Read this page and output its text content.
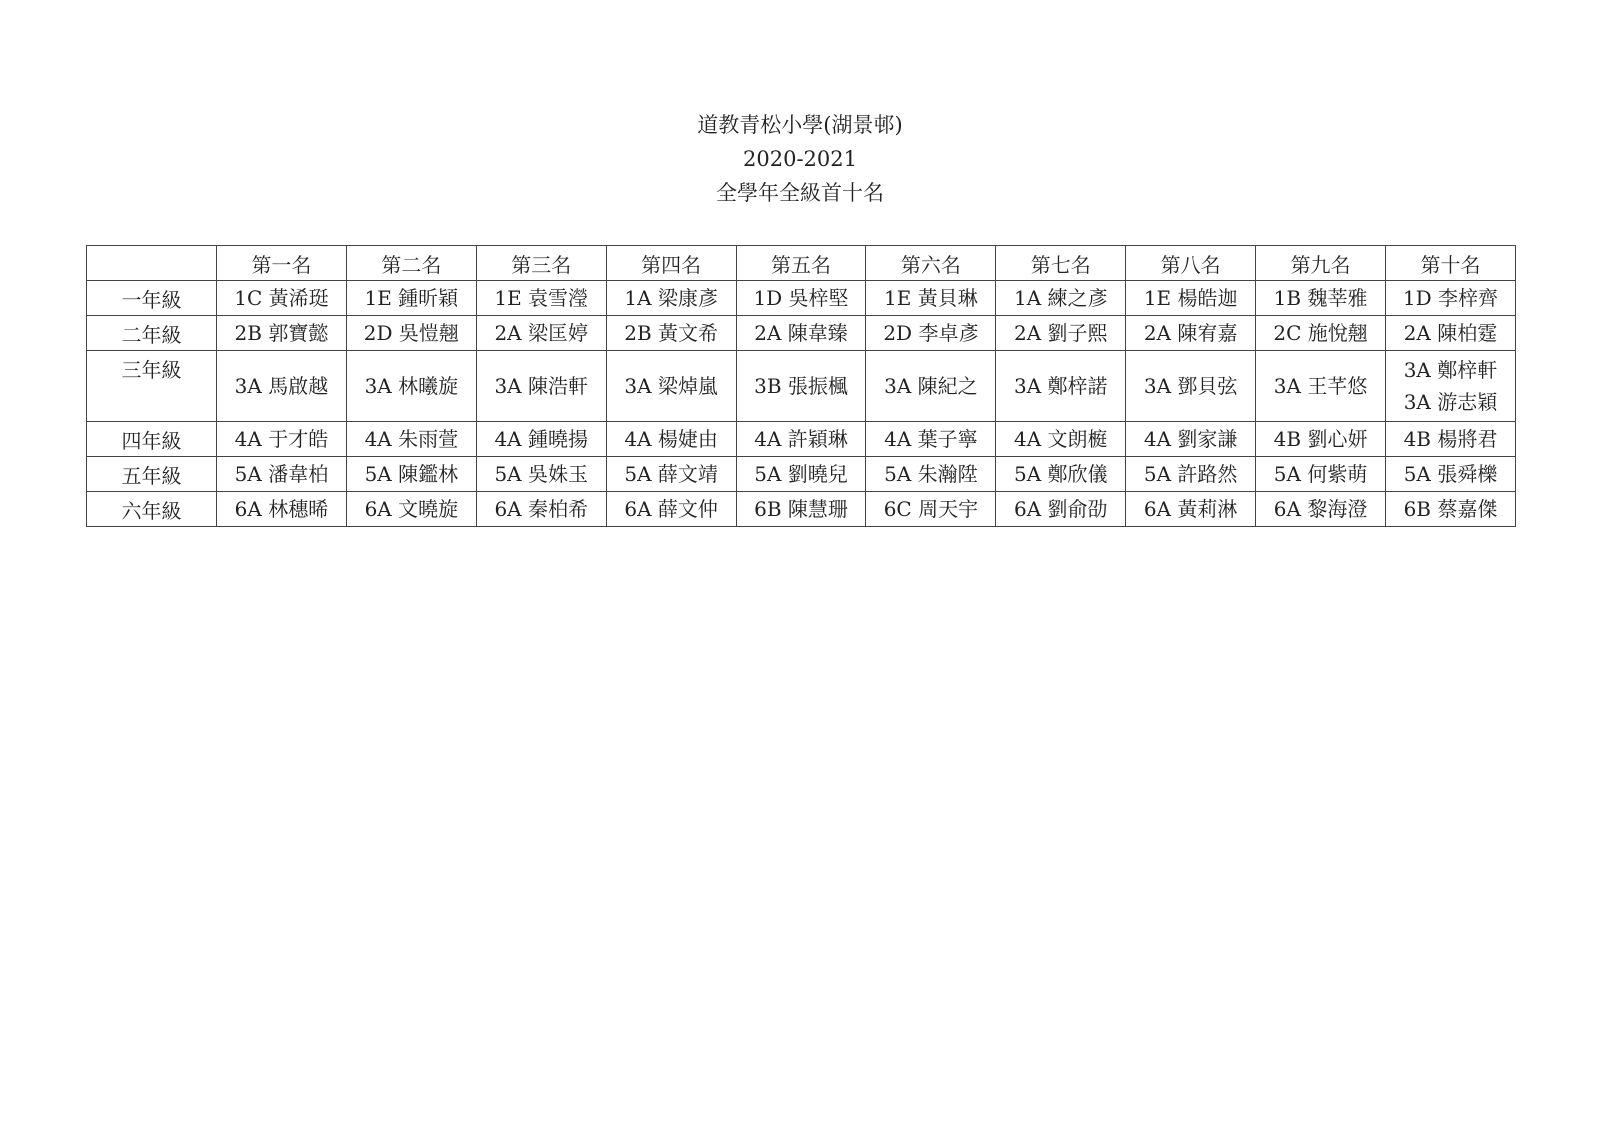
道教青松小學(湖景邨)
2020-2021
全學年全級首十名
	第一名	第二名	第三名	第四名	第五名	第六名	第七名	第八名	第九名	第十名
一年級	1C 黃浠珽	1E 鍾昕穎	1E 袁雪瀅	1A 梁康彥	1D 吳梓堅	1E 黃貝琳	1A 練之彥	1E 楊皓迦	1B 魏莘雅	1D 李梓齊

二年級	2B 郭寶懿	2D 吳愷翹	2A 梁匡婷	2B 黃文希	2A 陳韋臻	2D 李卓彥	2A 劉子熙	2A 陳宥嘉	2C 施悅翹	2A 陳柏霆

三年級	3A 馬啟越	3A 林曦旋	3A 陳浩軒	3A 梁焯嵐	3B 張振楓	3A 陳紀之	3A 鄭梓諾	3A 鄧貝弦	3A 王芊悠	3A 鄭梓軒
3A 游志穎

四年級	4A 于才皓	4A 朱雨萱	4A 鍾曉揚	4A 楊婕由	4A 許穎琳	4A 葉子寧	4A 文朗榳	4A 劉家謙	4B 劉心妍	4B 楊將君

五年級	5A 潘韋柏	5A 陳鑑林	5A 吳姝玉	5A 薛文靖	5A 劉曉兒	5A 朱瀚陞	5A 鄭欣儀	5A 許路然	5A 何紫萌	5A 張舜櫟

六年級	6A 林穗晞	6A 文曉旋	6A 秦柏希	6A 薛文仲	6B 陳慧珊	6C 周天宇	6A 劉俞劭	6A 黃莉淋	6A 黎海澄	6B 蔡嘉傑
